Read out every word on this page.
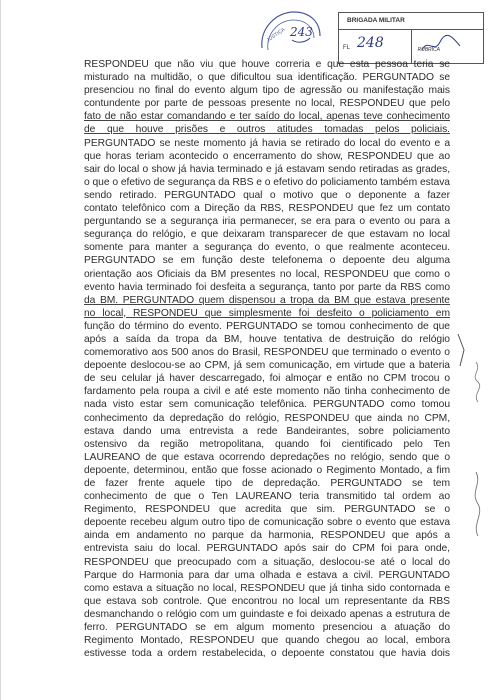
JUSTIÇA 243
BRIGADA MILITAR
FL 248	RUBRICA
RESPONDEU que não viu que houve correria e que esta pessoa teria se
misturado na multidão, o que dificultou sua identificação. PERGUNTADO se
presenciou no final do evento algum tipo de agressão ou manifestação mais
contundente por parte de pessoas presente no local, RESPONDEU que pelo
fato de não estar comandando e ter saído do local, apenas teve conhecimento
de que houve prisões e outros atitudes tomadas pelos policiais.
PERGUNTADO se neste momento já havia se retirado do local do evento e a
que horas teriam acontecido o encerramento do show, RESPONDEU que ao
sair do local o show já havia terminado e já estavam sendo retiradas as grades,
o que o efetivo de segurança da RBS e o efetivo do policiamento também estava
sendo retirado. PERGUNTADO qual o motivo que o deponente a fazer
contato telefônico com a Direção da RBS, RESPONDEU que fez um contato
perguntando se a segurança iria permanecer, se era para o evento ou para a
segurança do relógio, e que deixaram transparecer de que estavam no local
somente para manter a segurança do evento, o que realmente aconteceu.
PERGUNTADO se em função deste telefonema o depoente deu alguma
orientação aos Oficiais da BM presentes no local, RESPONDEU que como o
evento havia terminado foi desfeita a segurança, tanto por parte da RBS como
da BM. PERGUNTADO quem dispensou a tropa da BM que estava presente
no local, RESPONDEU que simplesmente foi desfeito o policiamento em
função do término do evento. PERGUNTADO se tomou conhecimento de que
após a saída da tropa da BM, houve tentativa de destruição do relógio
comemorativo aos 500 anos do Brasil, RESPONDEU que terminado o evento o
depoente deslocou-se ao CPM, já sem comunicação, em virtude que a bateria
de seu celular já haver descarregado, foi almoçar e então no CPM trocou o
fardamento pela roupa a civil e até este momento não tinha conhecimento de
nada visto estar sem comunicação telefônica. PERGUNTADO como tomou
conhecimento da depredação do relógio, RESPONDEU que ainda no CPM,
estava dando uma entrevista a rede Bandeirantes, sobre policiamento
ostensivo da região metropolitana, quando foi cientificado pelo Ten
LAUREANO de que estava ocorrendo depredações no relógio, sendo que o
depoente, determinou, então que fosse acionado o Regimento Montado, a fim
de fazer frente aquele tipo de depredação. PERGUNTADO se tem
conhecimento de que o Ten LAUREANO teria transmitido tal ordem ao
Regimento, RESPONDEU que acredita que sim. PERGUNTADO se o
depoente recebeu algum outro tipo de comunicação sobre o evento que estava
ainda em andamento no parque da harmonia, RESPONDEU que após a
entrevista saiu do local. PERGUNTADO após sair do CPM foi para onde,
RESPONDEU que preocupado com a situação, deslocou-se até o local do
Parque do Harmonia para dar uma olhada e estava a civil. PERGUNTADO
como estava a situação no local, RESPONDEU que já tinha sido contornada e
que estava sob controle. Que encontrou no local um representante da RBS
desmanchando o relógio com um guindaste e foi deixado apenas a estrutura de
ferro. PERGUNTADO se em algum momento presenciou a atuação do
Regimento Montado, RESPONDEU que quando chegou ao local, embora
estivesse toda a ordem restabelecida, o depoente constatou que havia dois
